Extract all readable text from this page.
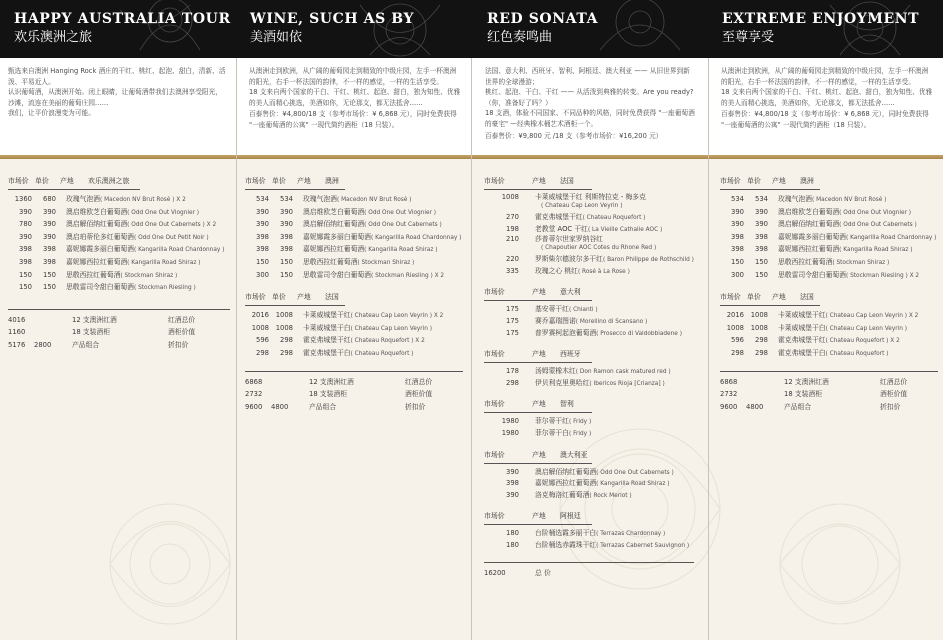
HAPPY AUSTRALIA TOUR
欢乐澳洲之旅
WINE, SUCH AS BY
美酒如依
RED SONATA
红色奏鸣曲
EXTREME ENJOYMENT
至尊享受

甄选来自澳洲 Hanging Rock 酒庄的干红、桃红、起泡、甜白，清新、活泼、平易近人。

认识葡萄酒，从澳洲开始。闭上眼睛，让葡萄酒带我们去澳洲享受阳光，沙滩，流连在美丽的葡萄庄园……

我们，让平价浪漫变为可能。

从澳洲走到欧洲，从广阔的葡萄园走到精致的中级庄园，左手一杯澳洲的阳光，右手一杯法国的韵律，不一样的感觉，一样的生活享受。

18 支来自两个国家的干白、干红、桃红、起泡、甜白，独为知性、优雅的美人而精心挑选，美酒如你，无论那支，都无法抵舍……

百泰售价：¥4,800/18 支（参考市场价：¥ 6,868 元），同时免费获得 "一座葡萄酒的公寓" 一现代简约酒柜（18 只装）。

法国、意大利、西班牙、智利、阿根廷、澳大利亚 —— 从旧世界到新世界的全球漫游；

桃红、起泡、干白、干红 —— 从活泼到典雅的转变。Are you ready?（你，准备好了吗？）

18 支酒，体验不同国家、不同品种的风格，同时免费获得 "一座葡萄酒的豪宅" —经典橡木桶艺术酒柜一个。

百泰售价：¥9,800 元 /18 支（参考市场价：¥16,200 元）

从澳洲走到欧洲，从广阔的葡萄园走到精致的中级庄园，左手一杯澳洲的阳光，右手一杯法国的韵律，不一样的感觉，一样的生活享受。

18 支来自两个国家的干白、干红、桃红、起泡、甜白，独为知性、优雅的美人而精心挑选，美酒如你，无论那支，都无法抵舍……

百泰售价：¥4,800/18 支（参考市场价：¥ 6,868 元），同时免费获得 "一座葡萄酒的公寓" 一现代简约酒柜（18 只装）。

市场价 单价	产地	欢乐澳洲之旅
1360	680	玫瑰气泡酒( Macedon NV Brut Rosé ) X 2
390	390	澳启维欧芝白葡萄酒( Odd One Out Viognier )
780	390	澳启解佰纳红葡萄酒( Odd One Out Cabernets ) X 2
390	390	澳启珀蒂伦多红葡萄酒( Odd One Out Petit Noir )
398	398	嘉妮娜霞多丽白葡萄酒( Kangarilla Road Chardonnay )
398	398	嘉妮娜西拉红葡萄酒( Kangarilla Road Shiraz )
150	150	思敬西拉红葡萄酒( Stockman Shiraz )
150	150	思敬雷司令甜白葡萄酒( Stockman Riesling )
4016	12 支澳洲红酒	红酒总价
1160	18 支装酒柜	酒柜价值
5176	2800	产品组合	折扣价
市场价 单价	产地	澳洲
534	534	玫瑰气泡酒( Macedon NV Brut Rosé )
390	390	澳启维欧芝白葡萄酒( Odd One Out Viognier )
390	390	澳启解佰纳红葡萄酒( Odd One Out Cabernets )
398	398	嘉妮娜霞多丽白葡萄酒( Kangarilla Road Chardonnay )
398	398	嘉妮娜西拉红葡萄酒( Kangarilla Road Shiraz )
150	150	思敬西拉红葡萄酒( Stockman Shiraz )
300	150	思敬雷司令甜白葡萄酒( Stockman Riesling ) X 2
市场价 单价	产地	法国
2016 1008	卡莱威城堡干红( Chateau Cap Leon Veyrin ) X 2
1008 1008	卡莱威城堡干白( Chateau Cap Leon Veyrin )
596	298	霍克弗城堡干红( Chateau Roquefort ) X 2
298	298	霍克弗城堡干白( Chateau Roquefort )
6868	12 支澳洲红酒	红酒总价
2732	18 支装酒柜	酒柜价值
9600	4800	产品组合	折扣价
市场价	产地	法国
1008	卡莱威城堡干红 利斯特拉克 - 梅多克
( Chateau Cap Leon Veyrin )
270	霍克弗城堡干红( Chateau Roquefort )
198	老教堂 AOC 干红( La Vieille Cathalie AOC )
210	莎普蒂尔世家罗纳谷红
( Chapoutier AOC Cotes du Rhone Red )
220	罗斯柴尔德波尔多干红( Baron Philippe de Rothschild )
335	玫瑰之心 桃红( Rosé à La Rose )
市场价	产地	意大利
175	基安蒂干红( Chianti )
175	赛乔嘉瑞图诺( Morellino di Scansano )
175	普罗赛柯起泡葡萄酒( Prosecco di Valdobbiadene )
市场价	产地	西班牙
178	汤姆蒙橡木红( Don Ramon cask matured red )
298	伊贝利克里奥哈红( Ibericos Rioja [Crianza] )
市场价	产地	智利
1980	菲尔蒂干红( Fridy )
1980	菲尔蒂干白( Fridy )
市场价	产地	澳大利亚
390	澳启解佰纳红葡萄酒( Odd One Out Cabernets )
398	嘉妮娜西拉红葡萄酒( Kangarilla Road Shiraz )
390	洛克梅洛红葡萄酒( Rock Merlot )
市场价	产地	阿根廷
180	台阶桶选霞多丽干白( Terrazas Chardonnay )
180	台阶桶选赤霞珠干红( Terrazas Cabernet Sauvignon )
16200	总 价
市场价 单价	产地	澳洲
534	534	玫瑰气泡酒( Macedon NV Brut Rosé )
390	390	澳启维欧芝白葡萄酒( Odd One Out Viognier )
390	390	澳启解佰纳红葡萄酒( Odd One Out Cabernets )
398	398	嘉妮娜霞多丽白葡萄酒( Kangarilla Road Chardonnay )
398	398	嘉妮娜西拉红葡萄酒( Kangarilla Road Shiraz )
150	150	思敬西拉红葡萄酒( Stockman Shiraz )
300	150	思敬雷司令甜白葡萄酒( Stockman Riesling ) X 2
市场价 单价	产地	法国
2016 1008	卡莱威城堡干红( Chateau Cap Leon Veyrin ) X 2
1008 1008	卡莱威城堡干白( Chateau Cap Leon Veyrin )
596	298	霍克弗城堡干红( Chateau Roquefort ) X 2
298	298	霍克弗城堡干白( Chateau Roquefort )
6868	12 支澳洲红酒	红酒总价
2732	18 支装酒柜	酒柜价值
9600	4800	产品组合	折扣价
